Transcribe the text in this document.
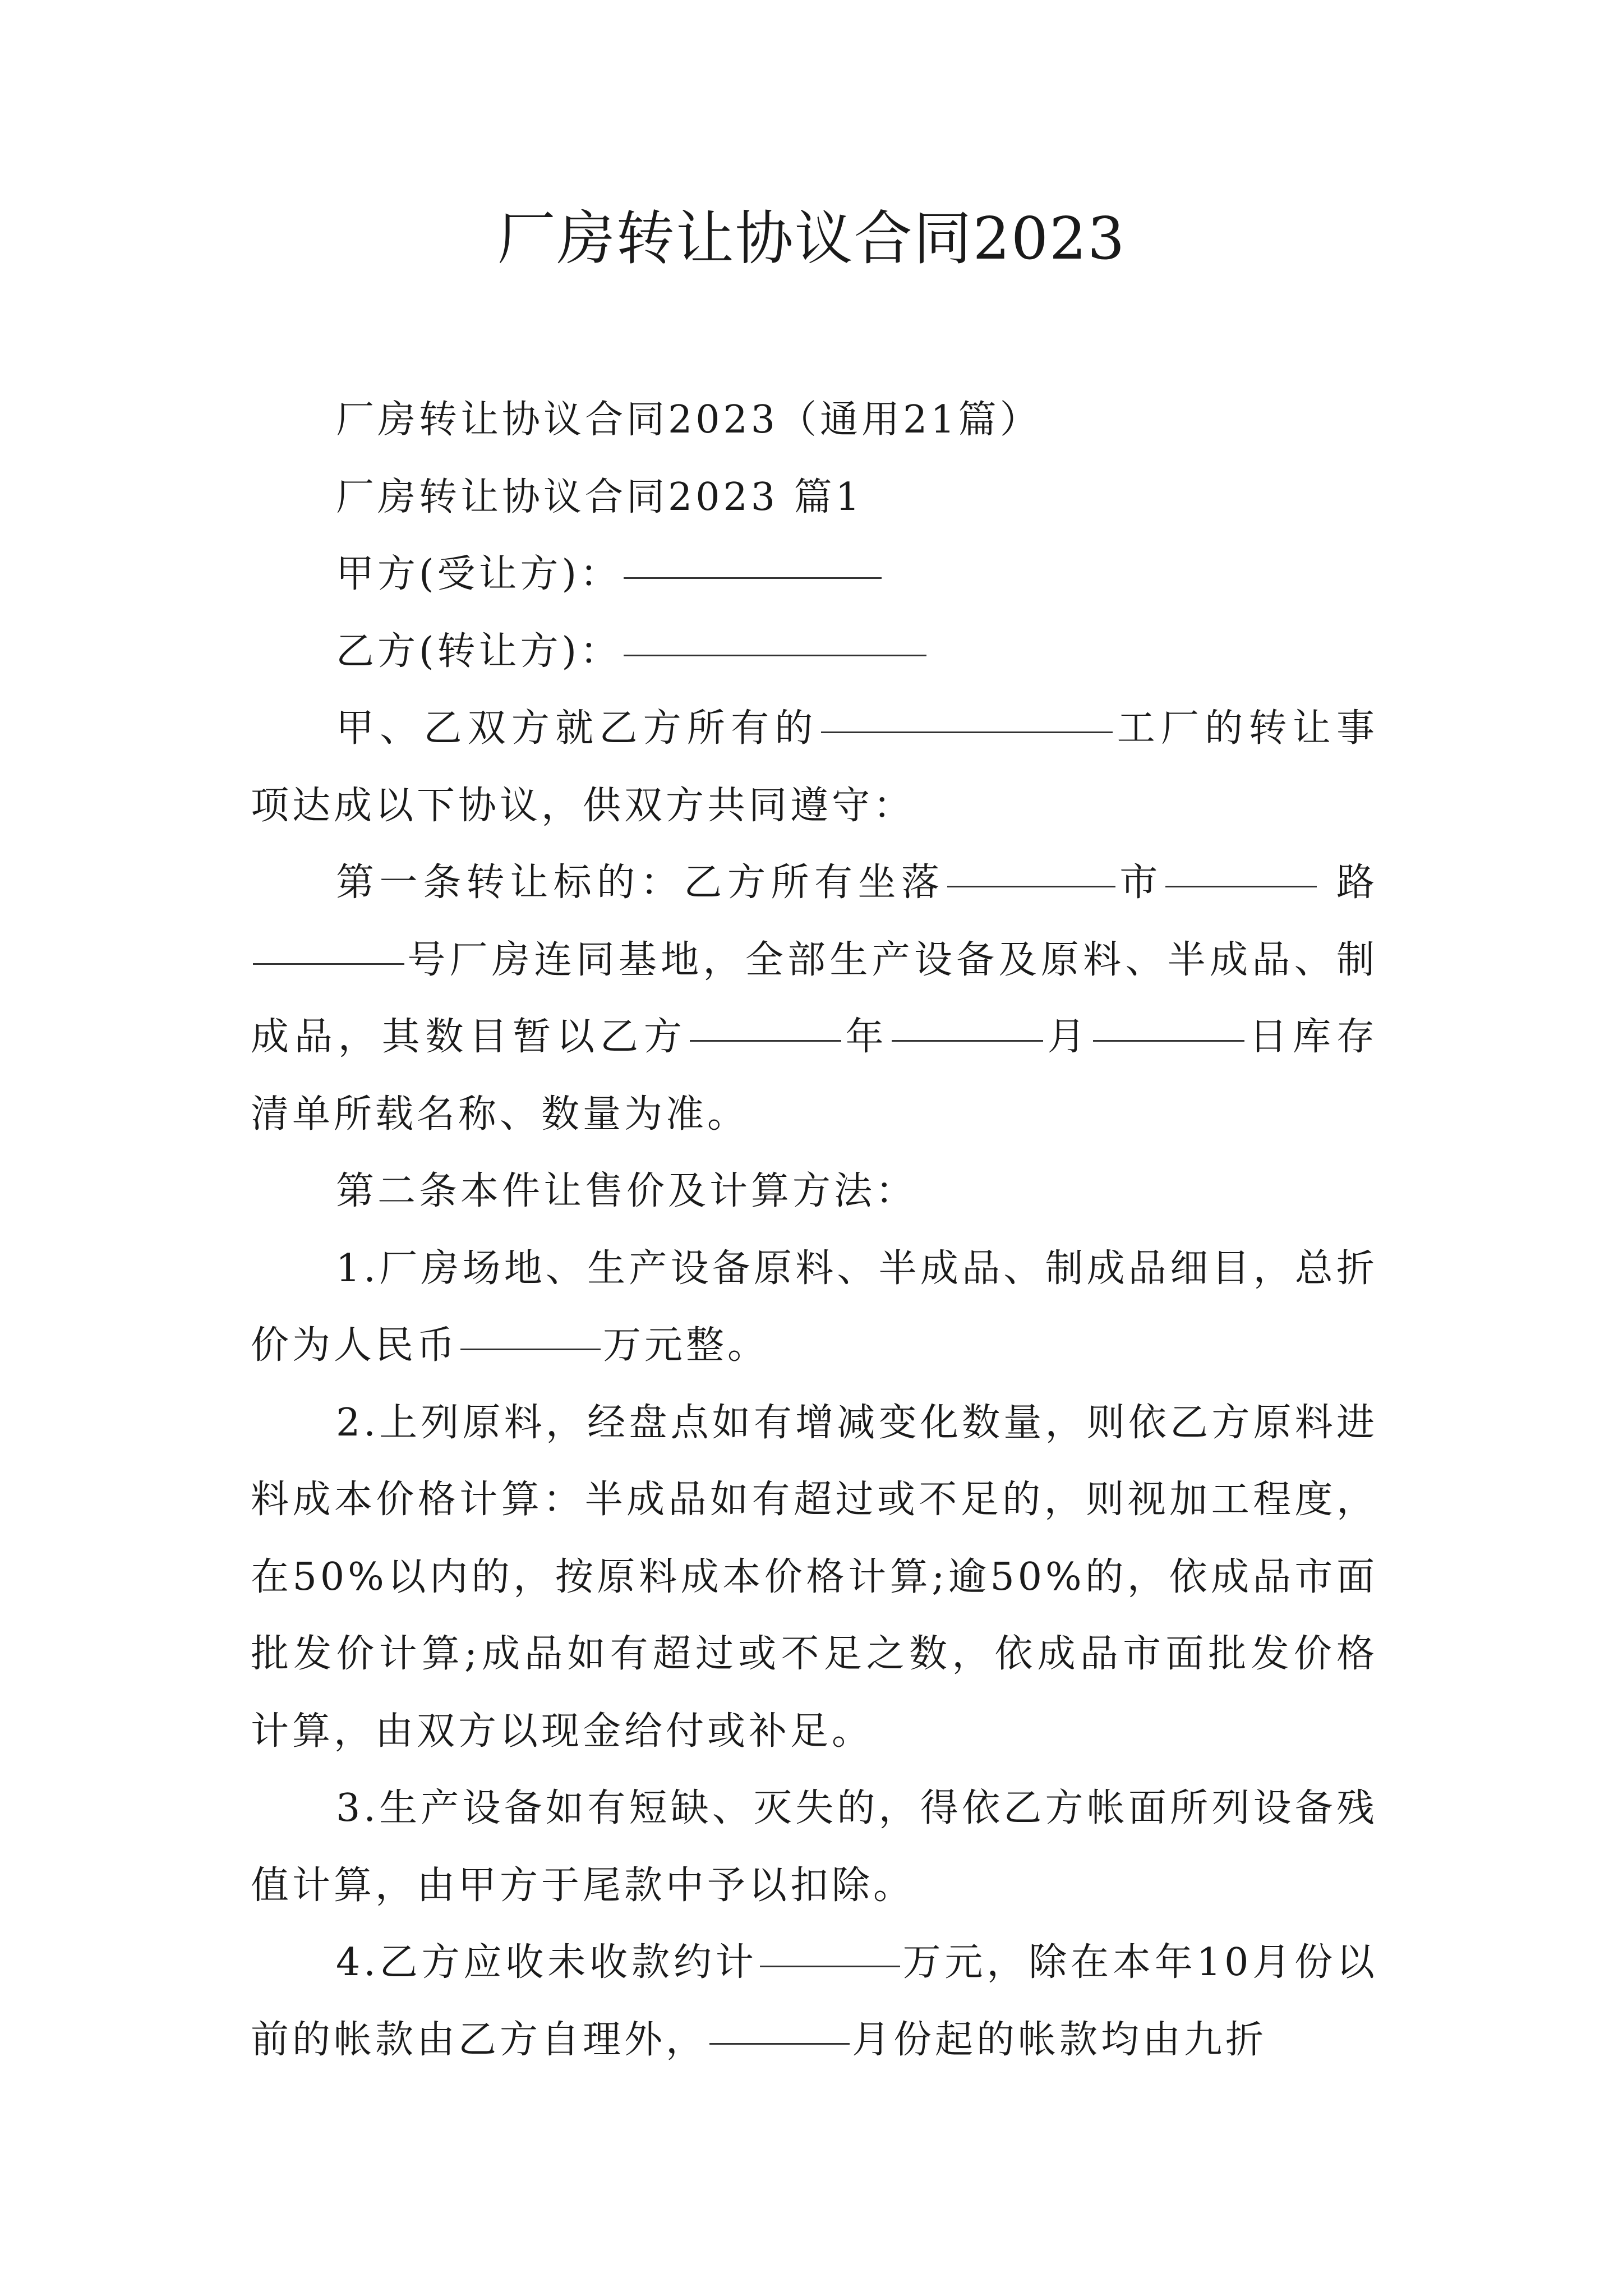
厂房转让协议合同2023

厂房转让协议合同2023（通用21篇）

厂房转让协议合同2023 篇1

甲方(受让方)：

乙方(转让方)：

甲、乙双方就乙方所有的	工厂的转让事项达成以下协议，供双方共同遵守：

第一条转让标的：乙方所有坐落	市	路号厂房连同基地，全部生产设备及原料、半成品、制成品，其数目暂以乙方	年	月	日库存清单所载名称、数量为准。

第二条本件让售价及计算方法：

1.厂房场地、生产设备原料、半成品、制成品细目，总折价为人民币	万元整。

2.上列原料，经盘点如有增减变化数量，则依乙方原料进料成本价格计算：半成品如有超过或不足的，则视加工程度，在50%以内的，按原料成本价格计算;逾50%的，依成品市面批发价计算;成品如有超过或不足之数，依成品市面批发价格计算，由双方以现金给付或补足。

3.生产设备如有短缺、灭失的，得依乙方帐面所列设备残值计算，由甲方于尾款中予以扣除。

4.乙方应收未收款约计	万元，除在本年10月份以前的帐款由乙方自理外，	月份起的帐款均由九折
